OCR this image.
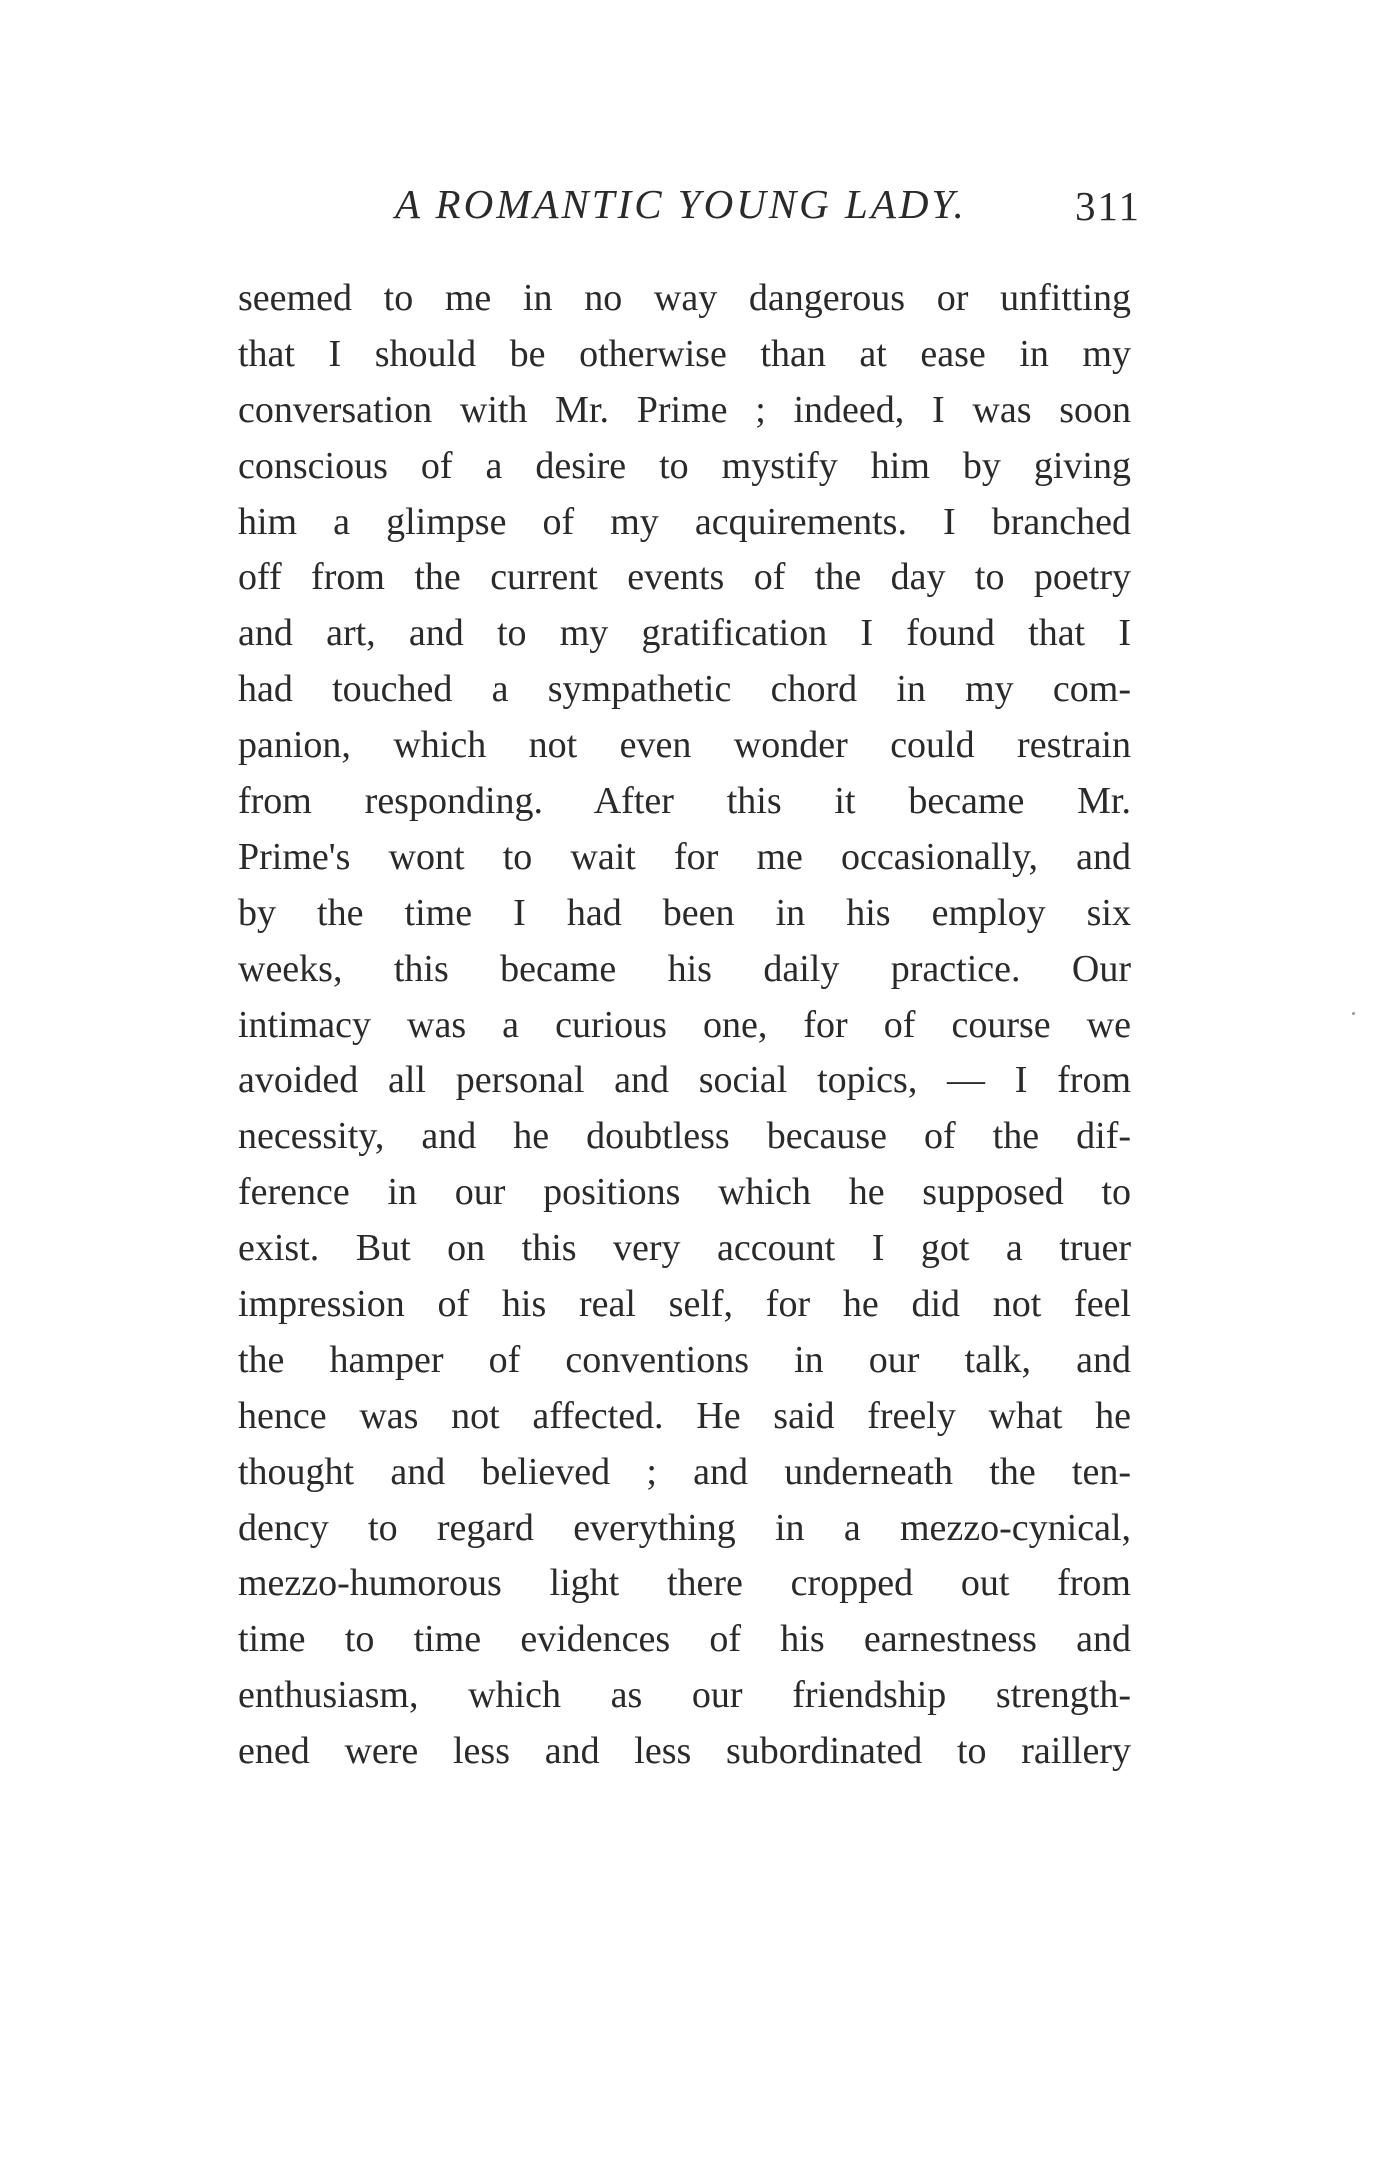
A ROMANTIC YOUNG LADY.	311
seemed to me in no way dangerous or unfitting
that I should be otherwise than at ease in my
conversation with Mr. Prime ; indeed, I was soon
conscious of a desire to mystify him by giving
him a glimpse of my acquirements. I branched
off from the current events of the day to poetry
and art, and to my gratification I found that I
had touched a sympathetic chord in my com-
panion, which not even wonder could restrain
from responding. After this it became Mr.
Prime's wont to wait for me occasionally, and
by the time I had been in his employ six
weeks, this became his daily practice. Our
intimacy was a curious one, for of course we
avoided all personal and social topics, — I from
necessity, and he doubtless because of the dif-
ference in our positions which he supposed to
exist. But on this very account I got a truer
impression of his real self, for he did not feel
the hamper of conventions in our talk, and
hence was not affected. He said freely what he
thought and believed ; and underneath the ten-
dency to regard everything in a mezzo-cynical,
mezzo-humorous light there cropped out from
time to time evidences of his earnestness and
enthusiasm, which as our friendship strength-
ened were less and less subordinated to raillery
